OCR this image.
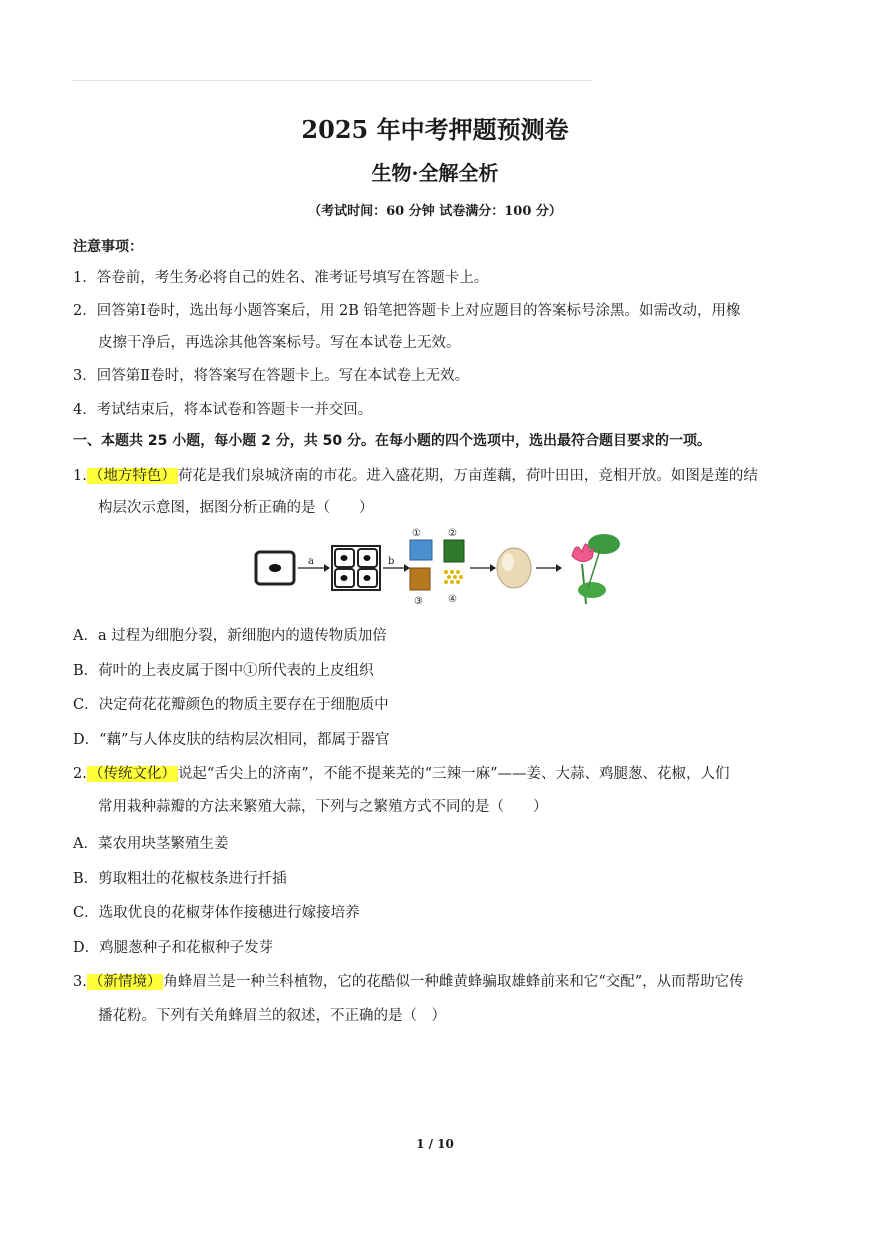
2025 年中考押题预测卷
生物·全解全析
（考试时间：60 分钟 试卷满分：100 分）
注意事项：
1．答卷前，考生务必将自己的姓名、准考证号填写在答题卡上。
2．回答第Ⅰ卷时，选出每小题答案后，用 2B 铅笔把答题卡上对应题目的答案标号涂黑。如需改动，用橡
皮擦干净后，再选涂其他答案标号。写在本试卷上无效。
3．回答第Ⅱ卷时，将答案写在答题卡上。写在本试卷上无效。
4．考试结束后，将本试卷和答题卡一并交回。
一、本题共 25 小题，每小题 2 分，共 50 分。在每小题的四个选项中，选出最符合题目要求的一项。
1. （地方特色） 荷花是我们泉城济南的市花。进入盛花期，万亩莲藕，荷叶田田，竞相开放。如图是莲的结
构层次示意图，据图分析正确的是（　　）
a	b
①	②
③	④
A．a 过程为细胞分裂，新细胞内的遗传物质加倍
B．荷叶的上表皮属于图中①所代表的上皮组织
C．决定荷花花瓣颜色的物质主要存在于细胞质中
D．“藕”与人体皮肤的结构层次相同，都属于器官
2. （传统文化） 说起“舌尖上的济南”，不能不提莱芜的“三辣一麻”——姜、大蒜、鸡腿葱、花椒，人们
常用栽种蒜瓣的方法来繁殖大蒜，下列与之繁殖方式不同的是（　　）
A．菜农用块茎繁殖生姜
B．剪取粗壮的花椒枝条进行扦插
C．选取优良的花椒芽体作接穗进行嫁接培养
D．鸡腿葱种子和花椒种子发芽
3. （新情境） 角蜂眉兰是一种兰科植物，它的花酷似一种雌黄蜂骗取雄蜂前来和它“交配”，从而帮助它传
播花粉。下列有关角蜂眉兰的叙述，不正确的是（　）
1 / 10
